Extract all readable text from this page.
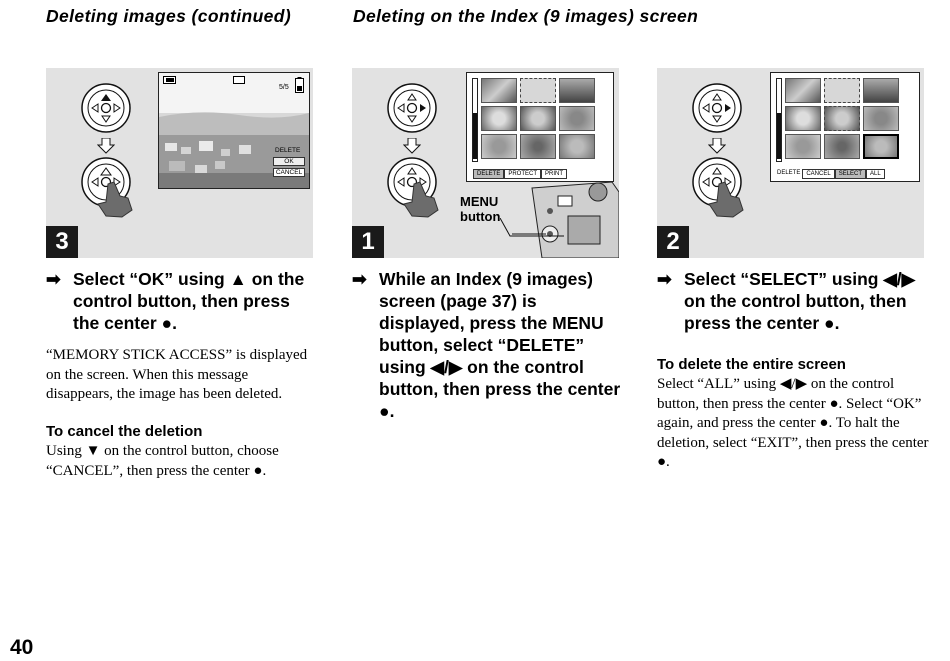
Deleting images (continued)	Deleting on the Index (9 images) screen
5/5
DELETE
OK
CANCEL
3
➡ Select “OK” using ▲ on the control button, then press the center ●.
“MEMORY STICK ACCESS” is displayed on the screen. When this message disappears, the image has been deleted.
To cancel the deletion
Using ▼ on the control button, choose “CANCEL”, then press the center ●.
DELETE	PROTECT	PRINT
MENU
button
1
➡ While an Index (9 images) screen (page 37) is displayed, press the MENU button, select “DELETE” using ◀/▶ on the control button, then press the center ●.
DELETE	CANCEL	SELECT	ALL
2
➡ Select “SELECT” using ◀/▶ on the control button, then press the center ●.
To delete the entire screen
Select “ALL” using ◀/▶ on the control button, then press the center ●. Select “OK” again, and press the center ●. To halt the deletion, select “EXIT”, then press the center ●.
40
